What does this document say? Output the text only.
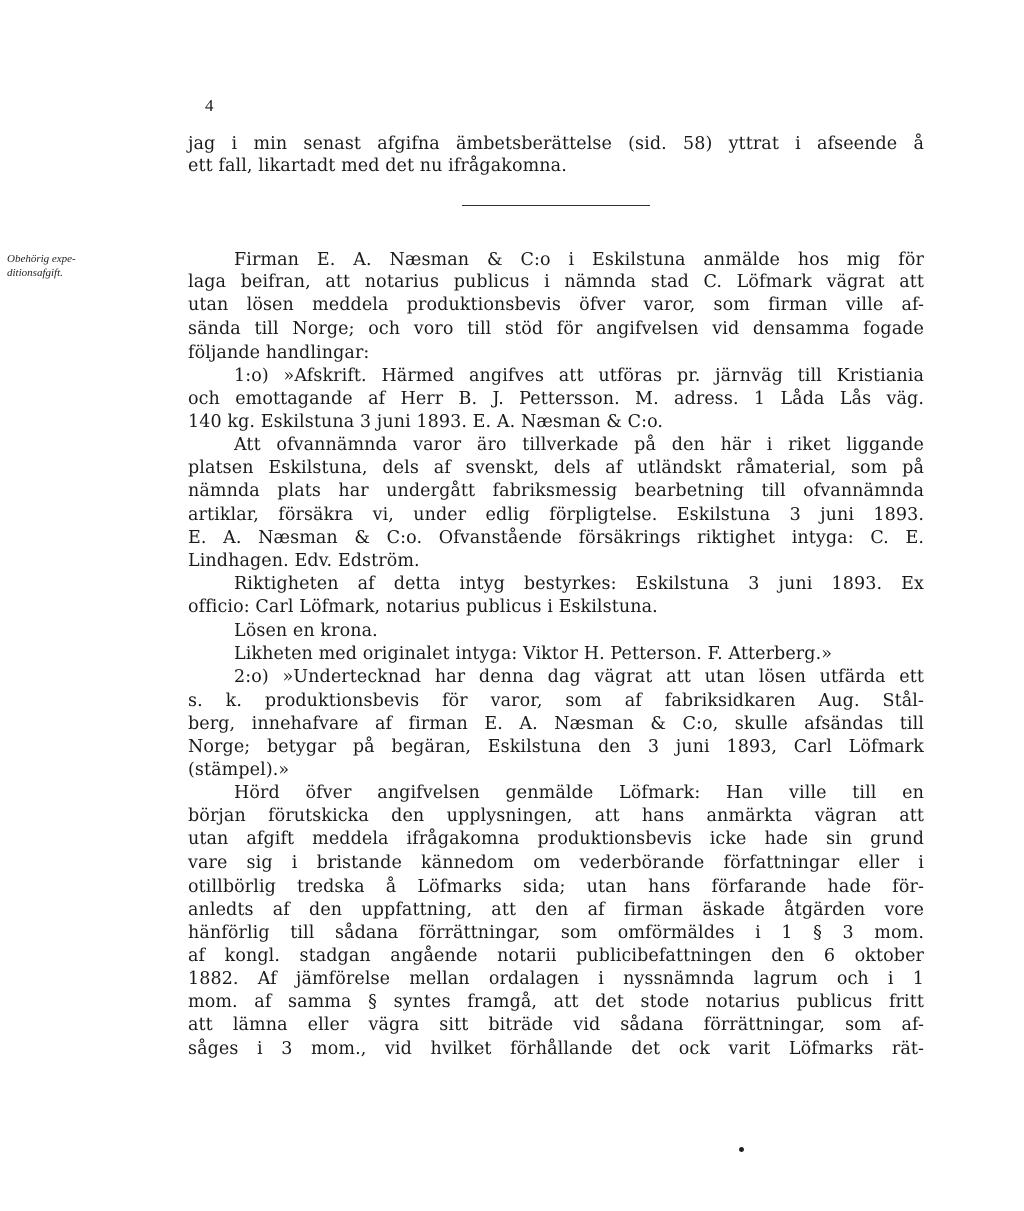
4

jag i min senast afgifna ämbetsberättelse (sid. 58) yttrat i afseende å

ett fall, likartadt med det nu ifrågakomna.

Obehörig expe-
ditionsafgift.

Firman E. A. Næsman & C:o i Eskilstuna anmälde hos mig för

laga beifran, att notarius publicus i nämnda stad C. Löfmark vägrat att

utan lösen meddela produktionsbevis öfver varor, som firman ville af-

sända till Norge; och voro till stöd för angifvelsen vid densamma fogade

följande handlingar:

1:o) »Afskrift. Härmed angifves att utföras pr. järnväg till Kristiania

och emottagande af Herr B. J. Pettersson. M. adress. 1 Låda Lås väg.

140 kg. Eskilstuna 3 juni 1893. E. A. Næsman & C:o.

Att ofvannämnda varor äro tillverkade på den här i riket liggande

platsen Eskilstuna, dels af svenskt, dels af utländskt råmaterial, som på

nämnda plats har undergått fabriksmessig bearbetning till ofvannämnda

artiklar, försäkra vi, under edlig förpligtelse. Eskilstuna 3 juni 1893.

E. A. Næsman & C:o. Ofvanstående försäkrings riktighet intyga: C. E.

Lindhagen. Edv. Edström.

Riktigheten af detta intyg bestyrkes: Eskilstuna 3 juni 1893. Ex

officio: Carl Löfmark, notarius publicus i Eskilstuna.

Lösen en krona.

Likheten med originalet intyga: Viktor H. Petterson. F. Atterberg.»

2:o) »Undertecknad har denna dag vägrat att utan lösen utfärda ett

s. k. produktionsbevis för varor, som af fabriksidkaren Aug. Stål-

berg, innehafvare af firman E. A. Næsman & C:o, skulle afsändas till

Norge; betygar på begäran, Eskilstuna den 3 juni 1893, Carl Löfmark

(stämpel).»

Hörd öfver angifvelsen genmälde Löfmark: Han ville till en

början förutskicka den upplysningen, att hans anmärkta vägran att

utan afgift meddela ifrågakomna produktionsbevis icke hade sin grund

vare sig i bristande kännedom om vederbörande författningar eller i

otillbörlig tredska å Löfmarks sida; utan hans förfarande hade för-

anledts af den uppfattning, att den af firman äskade åtgärden vore

hänförlig till sådana förrättningar, som omförmäldes i 1 § 3 mom.

af kongl. stadgan angående notarii publicibefattningen den 6 oktober

1882. Af jämförelse mellan ordalagen i nyssnämnda lagrum och i 1

mom. af samma § syntes framgå, att det stode notarius publicus fritt

att lämna eller vägra sitt biträde vid sådana förrättningar, som af-

såges i 3 mom., vid hvilket förhållande det ock varit Löfmarks rät-
